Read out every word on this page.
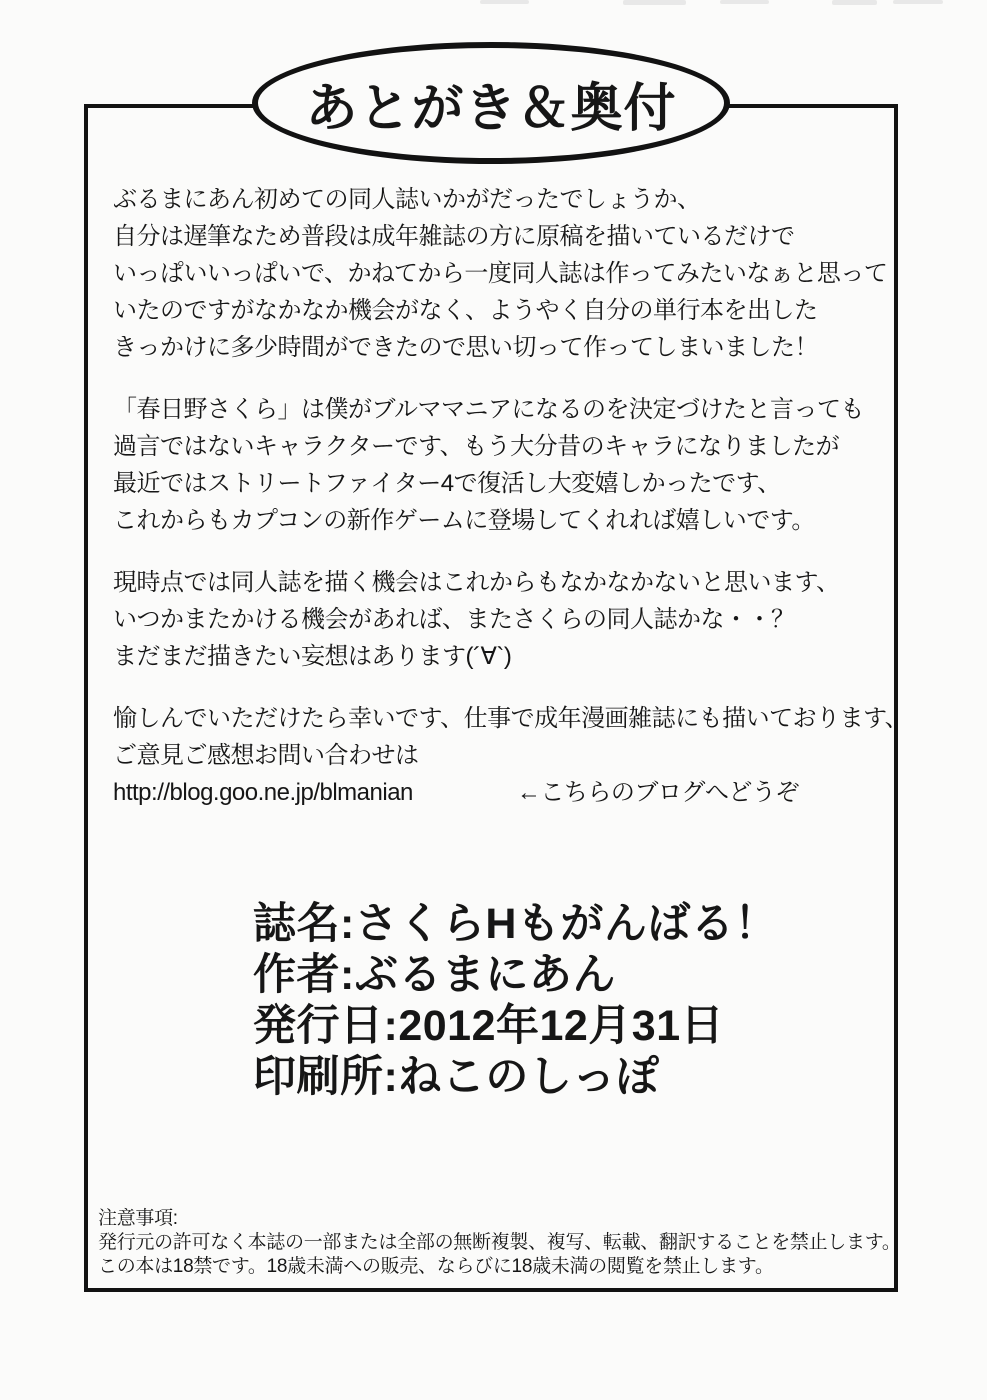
あとがき＆奥付
ぶるまにあん初めての同人誌いかがだったでしょうか、
自分は遅筆なため普段は成年雑誌の方に原稿を描いているだけで
いっぱいいっぱいで、かねてから一度同人誌は作ってみたいなぁと思って
いたのですがなかなか機会がなく、ようやく自分の単行本を出した
きっかけに多少時間ができたので思い切って作ってしまいました！
「春日野さくら」は僕がブルママニアになるのを決定づけたと言っても
過言ではないキャラクターです、もう大分昔のキャラになりましたが
最近ではストリートファイター4で復活し大変嬉しかったです、
これからもカプコンの新作ゲームに登場してくれれば嬉しいです。
現時点では同人誌を描く機会はこれからもなかなかないと思います、
いつかまたかける機会があれば、またさくらの同人誌かな・・？
まだまだ描きたい妄想はあります(´∀`)
愉しんでいただけたら幸いです、仕事で成年漫画雑誌にも描いております、
ご意見ご感想お問い合わせは
http://blog.goo.ne.jp/blmanian	←こちらのブログへどうぞ
誌名:さくらHもがんばる！
作者:ぶるまにあん
発行日:2012年12月31日
印刷所:ねこのしっぽ
注意事項:
発行元の許可なく本誌の一部または全部の無断複製、複写、転載、翻訳することを禁止します。
この本は18禁です。18歳未満への販売、ならびに18歳未満の閲覧を禁止します。
